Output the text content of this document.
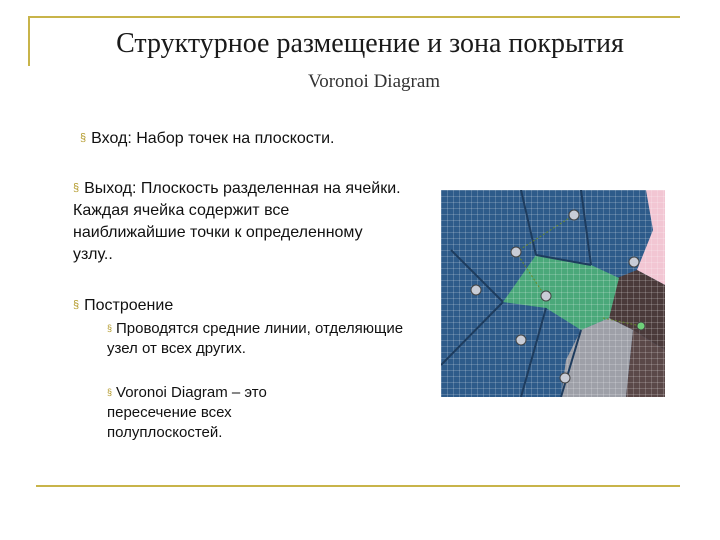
Структурное размещение и зона покрытия
Voronoi Diagram
§ Вход: Набор точек на плоскости.
§ Выход: Плоскость разделенная на ячейки. Каждая ячейка содержит все наиближайшие точки к определенному узлу..
§ Построение
§ Проводятся средние линии, отделяющие узел от всех других.
§ Voronoi Diagram – это пересечение всех полуплоскостей.
